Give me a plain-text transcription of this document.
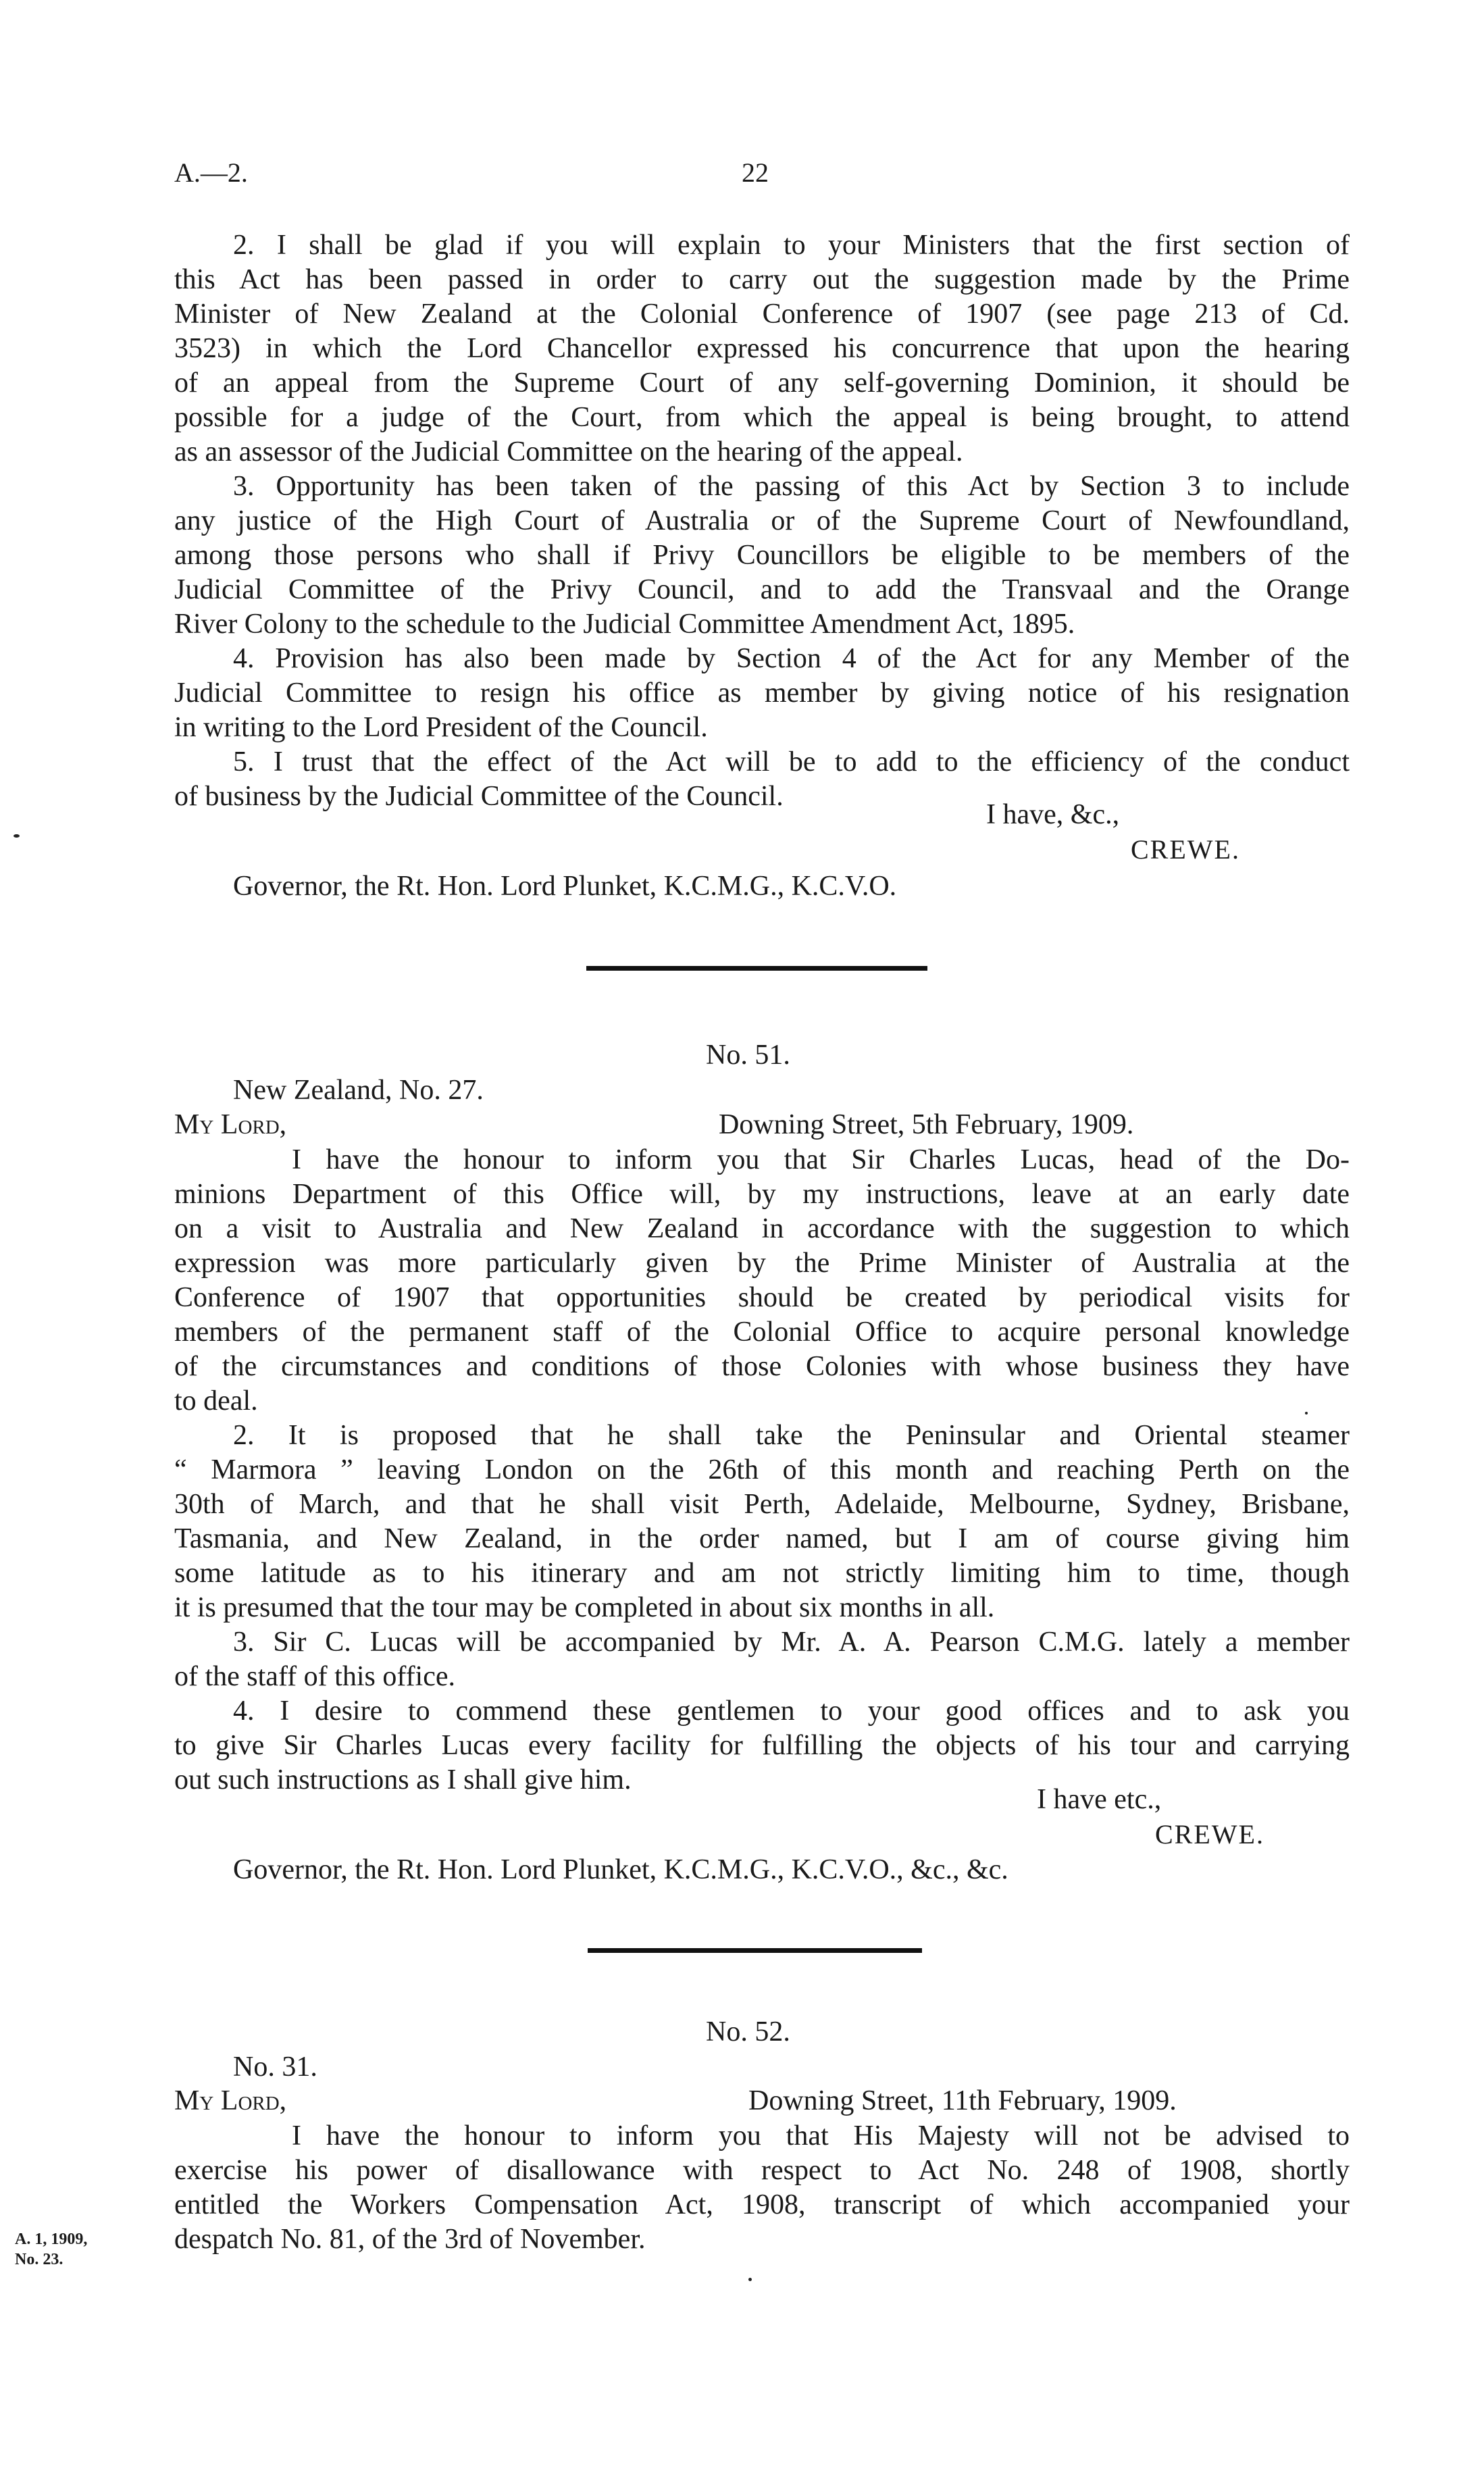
A.—2.	22
2. I shall be glad if you will explain to your Ministers that the first section of
this Act has been passed in order to carry out the suggestion made by the Prime
Minister of New Zealand at the Colonial Conference of 1907 (see page 213 of Cd.
3523) in which the Lord Chancellor expressed his concurrence that upon the hearing
of an appeal from the Supreme Court of any self-governing Dominion, it should be
possible for a judge of the Court, from which the appeal is being brought, to attend
as an assessor of the Judicial Committee on the hearing of the appeal.
3. Opportunity has been taken of the passing of this Act by Section 3 to include
any justice of the High Court of Australia or of the Supreme Court of Newfoundland,
among those persons who shall if Privy Councillors be eligible to be members of the
Judicial Committee of the Privy Council, and to add the Transvaal and the Orange
River Colony to the schedule to the Judicial Committee Amendment Act, 1895.
4. Provision has also been made by Section 4 of the Act for any Member of the
Judicial Committee to resign his office as member by giving notice of his resignation
in writing to the Lord President of the Council.
5. I trust that the effect of the Act will be to add to the efficiency of the conduct
of business by the Judicial Committee of the Council.
I have, &c.,
CREWE.
Governor, the Rt. Hon. Lord Plunket, K.C.M.G., K.C.V.O.
No. 51.
New Zealand, No. 27.
My Lord,	Downing Street, 5th February, 1909.
I have the honour to inform you that Sir Charles Lucas, head of the Do-
minions Department of this Office will, by my instructions, leave at an early date
on a visit to Australia and New Zealand in accordance with the suggestion to which
expression was more particularly given by the Prime Minister of Australia at the
Conference of 1907 that opportunities should be created by periodical visits for
members of the permanent staff of the Colonial Office to acquire personal knowledge
of the circumstances and conditions of those Colonies with whose business they have
to deal.
2. It is proposed that he shall take the Peninsular and Oriental steamer
“ Marmora ” leaving London on the 26th of this month and reaching Perth on the
30th of March, and that he shall visit Perth, Adelaide, Melbourne, Sydney, Brisbane,
Tasmania, and New Zealand, in the order named, but I am of course giving him
some latitude as to his itinerary and am not strictly limiting him to time, though
it is presumed that the tour may be completed in about six months in all.
3. Sir C. Lucas will be accompanied by Mr. A. A. Pearson C.M.G. lately a member
of the staff of this office.
4. I desire to commend these gentlemen to your good offices and to ask you
to give Sir Charles Lucas every facility for fulfilling the objects of his tour and carrying
out such instructions as I shall give him.
I have etc.,
CREWE.
Governor, the Rt. Hon. Lord Plunket, K.C.M.G., K.C.V.O., &c., &c.
No. 52.
No. 31.
My Lord,	Downing Street, 11th February, 1909.
I have the honour to inform you that His Majesty will not be advised to
exercise his power of disallowance with respect to Act No. 248 of 1908, shortly
entitled the Workers Compensation Act, 1908, transcript of which accompanied your
despatch No. 81, of the 3rd of November.
A. 1, 1909,
No. 23.
